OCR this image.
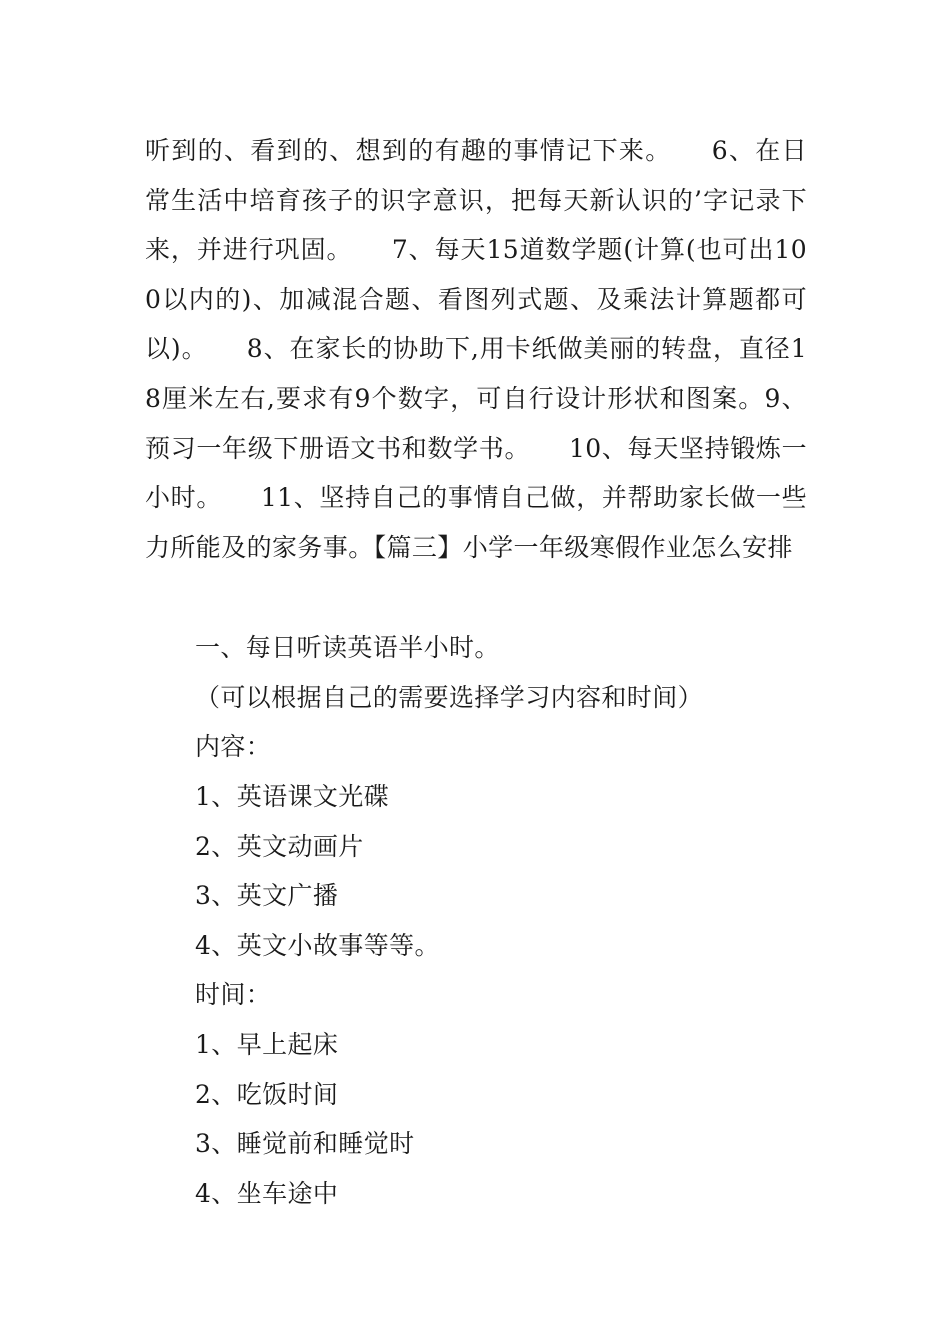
听到的、看到的、想到的有趣的事情记下来。　　6、在日常生活中培育孩子的识字意识，把每天新认识的’字记录下来，并进行巩固。　　7、每天15道数学题(计算(也可出100以内的)、加减混合题、看图列式题、及乘法计算题都可以)。　　8、在家长的协助下,用卡纸做美丽的转盘，直径18厘米左右,要求有9个数字，可自行设计形状和图案。9、预习一年级下册语文书和数学书。　　10、每天坚持锻炼一小时。　　11、坚持自己的事情自己做，并帮助家长做一些力所能及的家务事。【篇三】小学一年级寒假作业怎么安排

一、每日听读英语半小时。

（可以根据自己的需要选择学习内容和时间）

内容：

1、英语课文光碟

2、英文动画片

3、英文广播

4、英文小故事等等。

时间：

1、早上起床

2、吃饭时间

3、睡觉前和睡觉时

4、坐车途中
